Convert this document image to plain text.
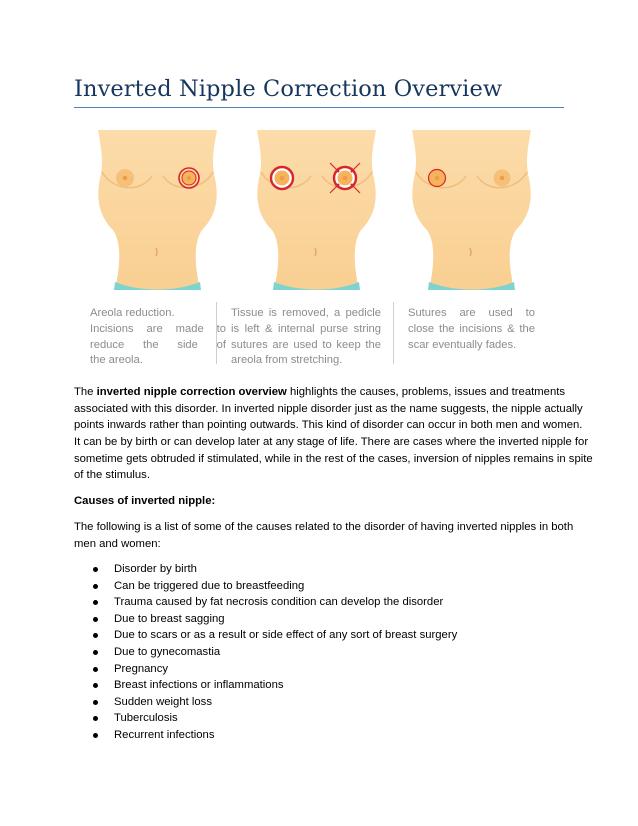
Inverted Nipple Correction Overview
Areola reduction.
Incisions are made to
reduce the side of
the areola.
Tissue is removed, a pedicle
is left & internal purse string
sutures are used to keep the
areola from stretching.
Sutures are used to
close the incisions & the
scar eventually fades.
The inverted nipple correction overview highlights the causes, problems, issues and treatments
associated with this disorder. In inverted nipple disorder just as the name suggests, the nipple actually
points inwards rather than pointing outwards. This kind of disorder can occur in both men and women.
It can be by birth or can develop later at any stage of life. There are cases where the inverted nipple for
sometime gets obtruded if stimulated, while in the rest of the cases, inversion of nipples remains in spite
of the stimulus.
Causes of inverted nipple:
The following is a list of some of the causes related to the disorder of having inverted nipples in both
men and women:
Disorder by birth
Can be triggered due to breastfeeding
Trauma caused by fat necrosis condition can develop the disorder
Due to breast sagging
Due to scars or as a result or side effect of any sort of breast surgery
Due to gynecomastia
Pregnancy
Breast infections or inflammations
Sudden weight loss
Tuberculosis
Recurrent infections
